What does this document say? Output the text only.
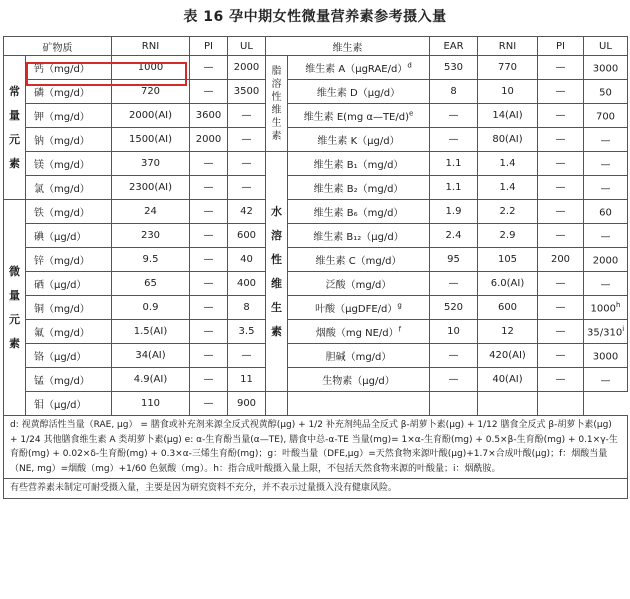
表 16 孕中期女性微量营养素参考摄入量
矿物质		RNI	PI	UL	维生素		EAR	RNI	PI	UL
常量元素	钙（mg/d）	1000	—	2000	脂溶性维生素	维生素 A（μgRAE/d）$^d$	530	770	—	3000
	磷（mg/d）	720	—	3500		维生素 D（μg/d）	8	10	—	50
	钾（mg/d）	2000(AI)	3600	—		维生素 E(mg α—TE/d)$^e$	—	14(AI)	—	700
	钠（mg/d）	1500(AI)	2000	—		维生素 K（μg/d）	—	80(AI)	—	—
	镁（mg/d）	370	—	—	水溶性维生素	维生素 B₁（mg/d）	1.1	1.4	—	—
	氯（mg/d）	2300(AI)	—	—		维生素 B₂（mg/d）	1.1	1.4	—	—
微量元素	铁（mg/d）	24	—	42		维生素 B₆（mg/d）	1.9	2.2	—	60
	碘（μg/d）	230	—	600		维生素 B₁₂（μg/d）	2.4	2.9	—	—
	锌（mg/d）	9.5	—	40		维生素 C（mg/d）	95	105	200	2000
	硒（μg/d）	65	—	400		泛酸（mg/d）	—	6.0(AI)	—	—
	铜（mg/d）	0.9	—	8		叶酸（μgDFE/d）$^g$	520	600	—	1000$^h$
	氟（mg/d）	1.5(AI)	—	3.5		烟酸（mg NE/d）$^f$	10	12	—	35/310$^i$
	铬（μg/d）	34(AI)	—	—		胆碱（mg/d）	—	420(AI)	—	3000
	锰（mg/d）	4.9(AI)	—	11		生物素（μg/d）	—	40(AI)	—	—
	钼（μg/d）	110	—	900						
d: 视黄醇活性当量（RAE, μg） = 膳食或补充剂来源全反式视黄醇(μg) + 1/2 补充剂纯品全反式 β-胡萝卜素(μg) + 1/12 膳食全反式 β-胡萝卜素(μg) + 1/24 其他膳食维生素 A 类胡萝卜素(μg) e: α-生育酚当量(α—TE), 膳食中总-α-TE 当量(mg)= 1×α-生育酚(mg) + 0.5×β-生育酚(mg) + 0.1×γ-生育酚(mg) + 0.02×δ-生育酚(mg) + 0.3×α-三烯生育酚(mg)；g：叶酸当量（DFE,μg）=天然食物来源叶酸(μg)+1.7×合成叶酸(μg)；f：烟酸当量（NE, mg）=烟酸（mg）+1/60 色氨酸（mg）。h：指合成叶酸摄入量上限，不包括天然食物来源的叶酸量；i：烟酰胺。										
有些营养素未制定可耐受摄入量，主要是因为研究资料不充分，并不表示过量摄入没有健康风险。										
